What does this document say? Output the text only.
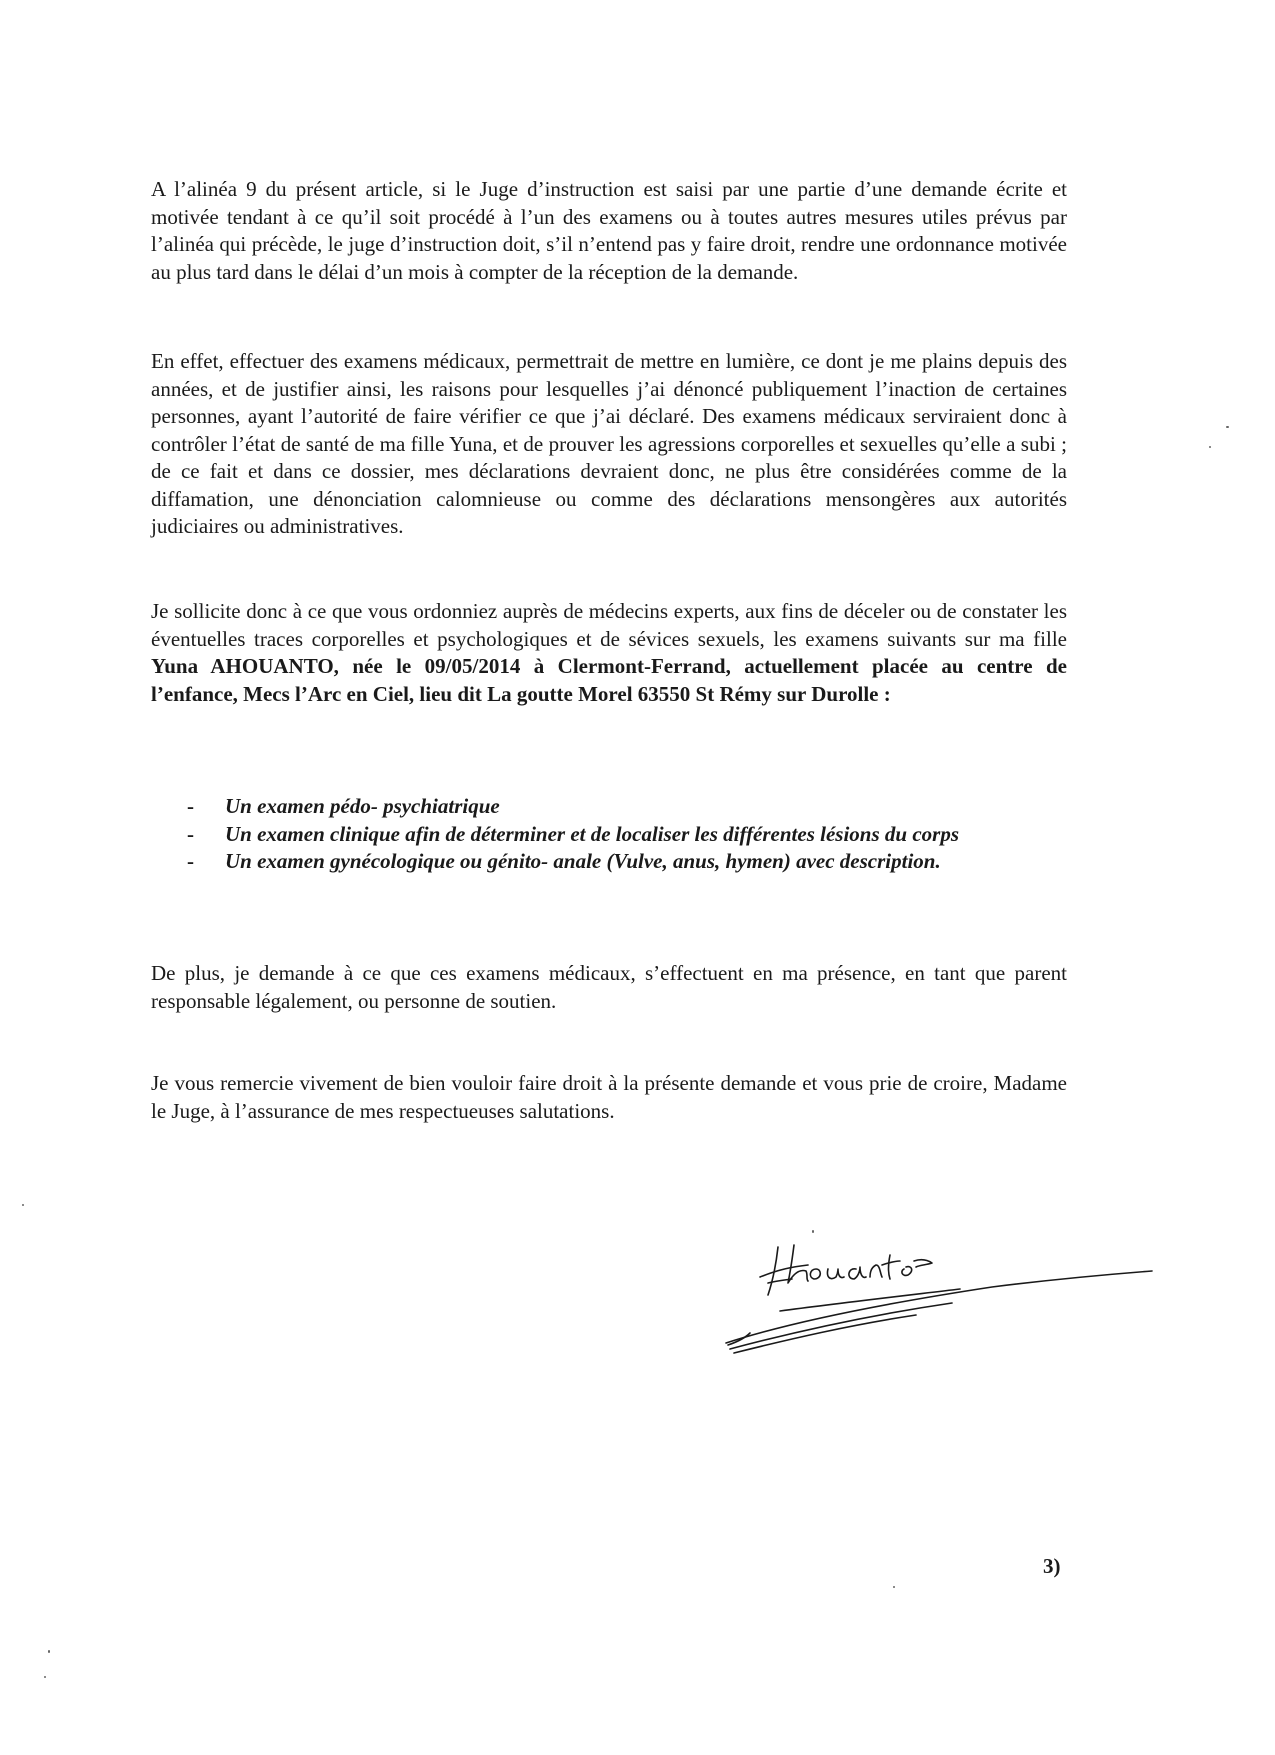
A l’alinéa 9 du présent article, si le Juge d’instruction est saisi par une partie d’une demande écrite et motivée tendant à ce qu’il soit procédé à l’un des examens ou à toutes autres mesures utiles prévus par l’alinéa qui précède, le juge d’instruction doit, s’il n’entend pas y faire droit, rendre une ordonnance motivée au plus tard dans le délai d’un mois à compter de la réception de la demande.

En effet, effectuer des examens médicaux, permettrait de mettre en lumière, ce dont je me plains depuis des années, et de justifier ainsi, les raisons pour lesquelles j’ai dénoncé publiquement l’inaction de certaines personnes, ayant l’autorité de faire vérifier ce que j’ai déclaré. Des examens médicaux serviraient donc à contrôler l’état de santé de ma fille Yuna, et de prouver les agressions corporelles et sexuelles qu’elle a subi ; de ce fait et dans ce dossier, mes déclarations devraient donc, ne plus être considérées comme de la diffamation, une dénonciation calomnieuse ou comme des déclarations mensongères aux autorités judiciaires ou administratives.

Je sollicite donc à ce que vous ordonniez auprès de médecins experts, aux fins de déceler ou de constater les éventuelles traces corporelles et psychologiques et de sévices sexuels, les examens suivants sur ma fille Yuna AHOUANTO, née le 09/05/2014 à Clermont-Ferrand, actuellement placée au centre de l’enfance, Mecs l’Arc en Ciel, lieu dit La goutte Morel 63550 St Rémy sur Durolle :

- Un examen pédo- psychiatrique
- Un examen clinique afin de déterminer et de localiser les différentes lésions du corps
- Un examen gynécologique ou génito- anale (Vulve, anus, hymen) avec description.

De plus, je demande à ce que ces examens médicaux, s’effectuent en ma présence, en tant que parent responsable légalement, ou personne de soutien.

Je vous remercie vivement de bien vouloir faire droit à la présente demande et vous prie de croire, Madame le Juge, à l’assurance de mes respectueuses salutations.

3)
